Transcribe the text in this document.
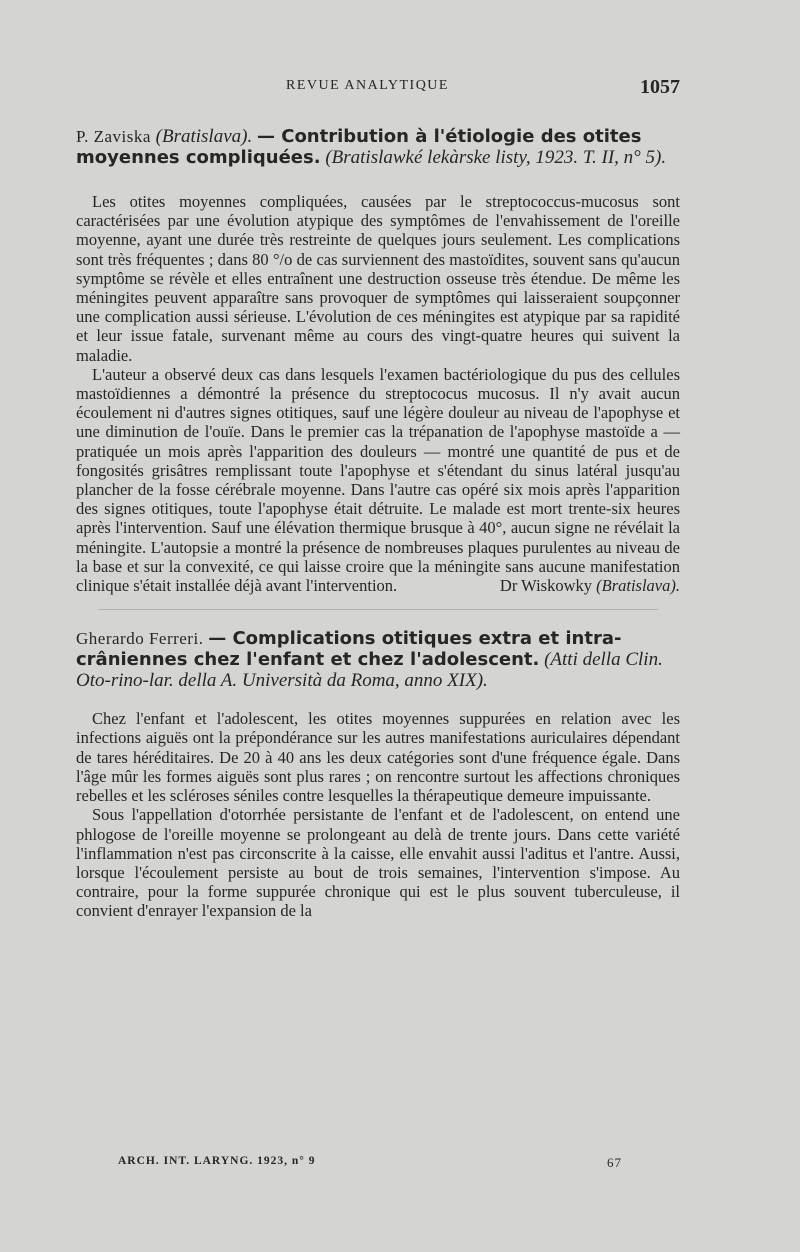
REVUE ANALYTIQUE	1057
P. Zaviska (Bratislava). — Contribution à l'étiologie des otites moyennes compliquées. (Bratislawké lekàrske listy, 1923. T. II, n° 5).

Les otites moyennes compliquées, causées par le streptococcus-mucosus sont caractérisées par une évolution atypique des symptômes de l'envahissement de l'oreille moyenne, ayant une durée très restreinte de quelques jours seulement. Les complications sont très fréquentes ; dans 80 °/o de cas surviennent des mastoïdites, souvent sans qu'aucun symptôme se révèle et elles entraînent une destruction osseuse très étendue. De même les méningites peuvent apparaître sans provoquer de symptômes qui laisseraient soupçonner une complication aussi sérieuse. L'évolution de ces méningites est atypique par sa rapidité et leur issue fatale, survenant même au cours des vingt-quatre heures qui suivent la maladie.

L'auteur a observé deux cas dans lesquels l'examen bactériologique du pus des cellules mastoïdiennes a démontré la présence du streptococus mucosus. Il n'y avait aucun écoulement ni d'autres signes otitiques, sauf une légère douleur au niveau de l'apophyse et une diminution de l'ouïe. Dans le premier cas la trépanation de l'apophyse mastoïde a — pratiquée un mois après l'apparition des douleurs — montré une quantité de pus et de fongosités grisâtres remplissant toute l'apophyse et s'étendant du sinus latéral jusqu'au plancher de la fosse cérébrale moyenne. Dans l'autre cas opéré six mois après l'apparition des signes otitiques, toute l'apophyse était détruite. Le malade est mort trente-six heures après l'intervention. Sauf une élévation thermique brusque à 40°, aucun signe ne révélait la méningite. L'autopsie a montré la présence de nombreuses plaques purulentes au niveau de la base et sur la convexité, ce qui laisse croire que la méningite sans aucune manifestation clinique s'était installée déjà avant l'intervention.	Dr Wiskowky (Bratislava).

Gherardo Ferreri. — Complications otitiques extra et intra-crâniennes chez l'enfant et chez l'adolescent. (Atti della Clin. Oto-rino-lar. della A. Università da Roma, anno XIX).

Chez l'enfant et l'adolescent, les otites moyennes suppurées en relation avec les infections aiguës ont la prépondérance sur les autres manifestations auriculaires dépendant de tares héréditaires. De 20 à 40 ans les deux catégories sont d'une fréquence égale. Dans l'âge mûr les formes aiguës sont plus rares ; on rencontre surtout les affections chroniques rebelles et les scléroses séniles contre lesquelles la thérapeutique demeure impuissante.

Sous l'appellation d'otorrhée persistante de l'enfant et de l'adolescent, on entend une phlogose de l'oreille moyenne se prolongeant au delà de trente jours. Dans cette variété l'inflammation n'est pas circonscrite à la caisse, elle envahit aussi l'aditus et l'antre. Aussi, lorsque l'écoulement persiste au bout de trois semaines, l'intervention s'impose. Au contraire, pour la forme suppurée chronique qui est le plus souvent tuberculeuse, il convient d'enrayer l'expansion de la

ARCH. INT. LARYNG. 1923, n° 9	67
